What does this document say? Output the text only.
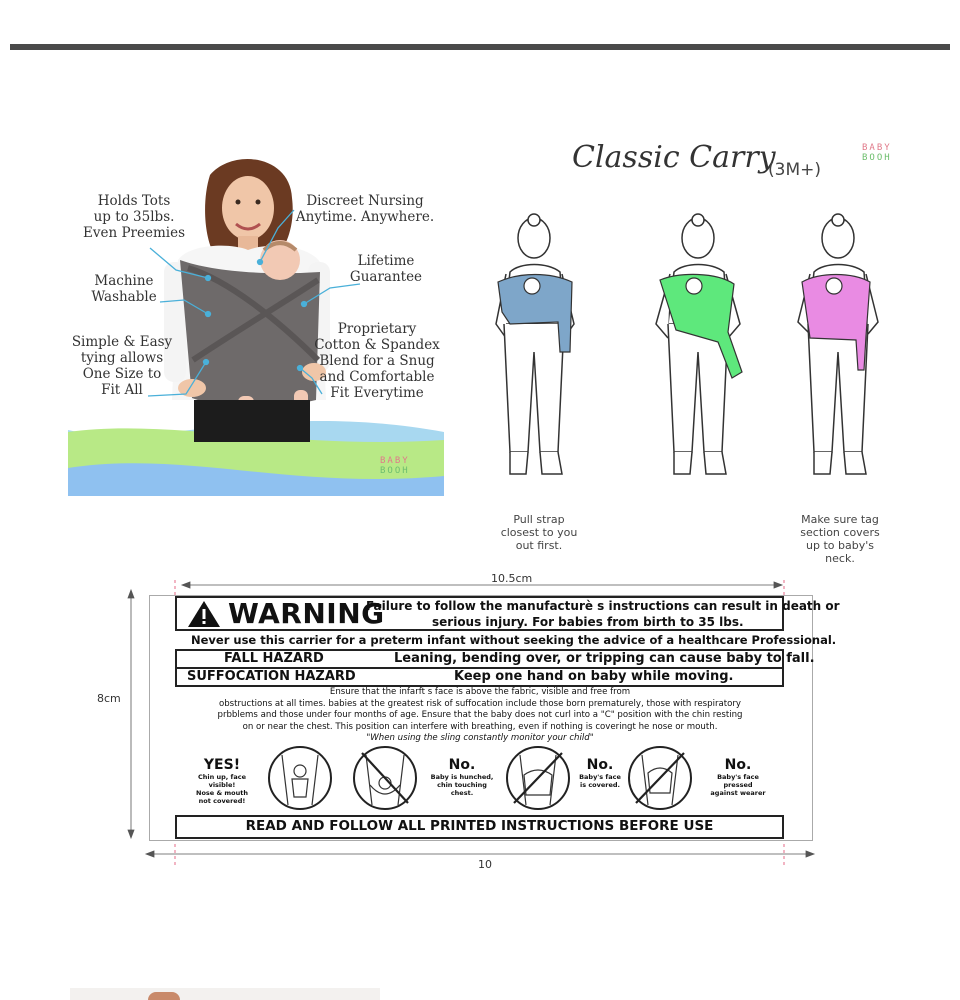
Holds Tots
up to 35lbs.
Even Preemies
Discreet Nursing
Anytime. Anywhere.
Lifetime
Guarantee
Machine
Washable
Proprietary
Cotton & Spandex
Blend for a Snug
and Comfortable
Fit Everytime
Simple & Easy
tying allows
One Size to
Fit All
BABY
BOOH
Classic Carry
(3M+)
BABY
BOOH
Pull strap
closest to you
out first.
Make sure tag
section covers
up to baby's
neck.
10.5cm
10
8cm
WARNING
Failure to follow the manufacturè s instructions can result in death or
serious injury. For babies from birth to 35 lbs.
Never use this carrier for a preterm infant without seeking the advice of a healthcare Professional.
FALL HAZARD	Leaning, bending over, or tripping can cause baby to fall.
SUFFOCATION HAZARD	Keep one hand on baby while moving.
Ensure that the infarft s face is above the fabric, visible and free from
obstructions at all times. babies at the greatest risk of suffocation include those born prematurely, those with respiratory
prbblems and those under four months of age. Ensure that the baby does not curl into a "C" position with the chin resting
on or near the chest. This position can interfere with breathing, even if nothing is coveringt he nose or mouth.
"When using the sling constantly monitor your child"
YES!
Chin up, face visible!
Nose & mouth
not covered!
No.
Baby is hunched,
chin touching chest.
No.
Baby's face
is covered.
No.
Baby's face pressed
against wearer
READ AND FOLLOW ALL PRINTED INSTRUCTIONS BEFORE USE
